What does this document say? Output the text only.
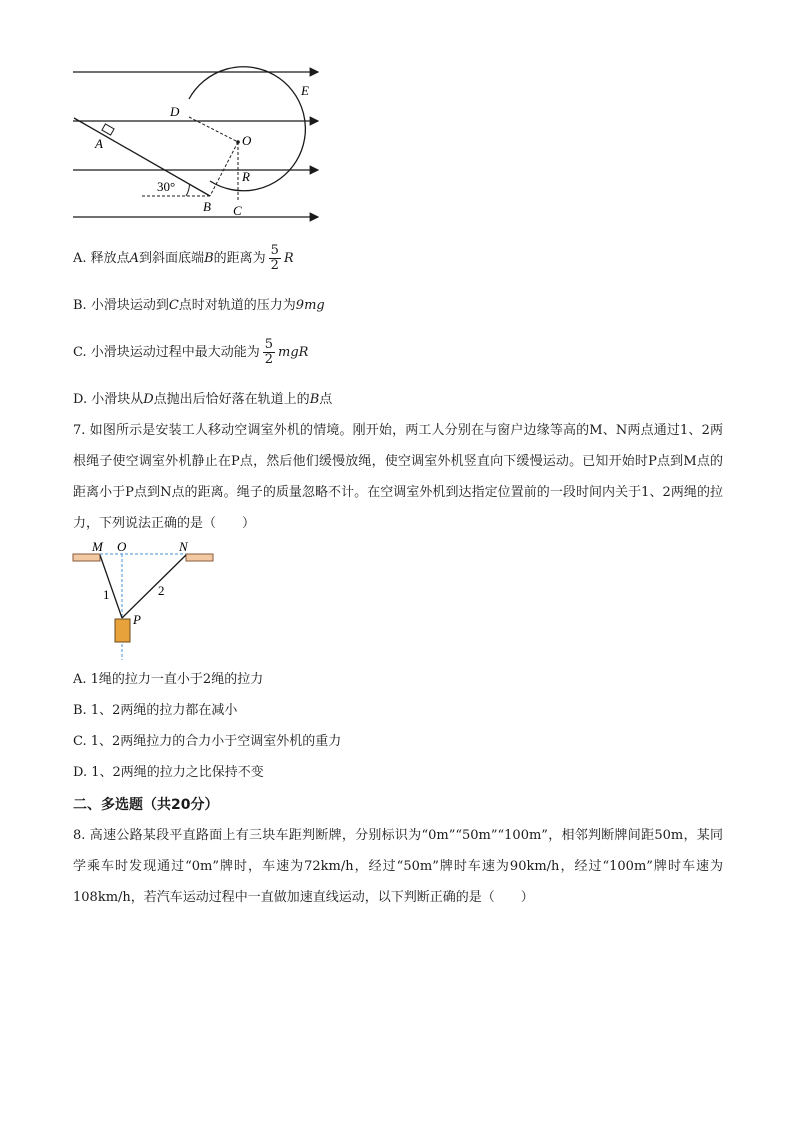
E
D
O
A
R
30°
B C
A. 释放点A到斜面底端B的距离为 $\frac{5}{2}$ R
B. 小滑块运动到C点时对轨道的压力为9mg
C. 小滑块运动过程中最大动能为 $\frac{5}{2}$ mgR
D. 小滑块从D点抛出后恰好落在轨道上的B点
7. 如图所示是安装工人移动空调室外机的情境。刚开始，两工人分别在与窗户边缘等高的M、N两点通过1、2两根绳子使空调室外机静止在P点，然后他们缓慢放绳，使空调室外机竖直向下缓慢运动。已知开始时P点到M点的距离小于P点到N点的距离。绳子的质量忽略不计。在空调室外机到达指定位置前的一段时间内关于1、2两绳的拉力，下列说法正确的是（　　）
M O	N
1	2
P
A. 1绳的拉力一直小于2绳的拉力
B. 1、2两绳的拉力都在减小
C. 1、2两绳拉力的合力小于空调室外机的重力
D. 1、2两绳的拉力之比保持不变
二、多选题（共20分）
8. 高速公路某段平直路面上有三块车距判断牌，分别标识为“0m”“50m”“100m”，相邻判断牌间距50m，某同学乘车时发现通过“0m”牌时，车速为72km/h，经过“50m”牌时车速为90km/h，经过“100m”牌时车速为108km/h，若汽车运动过程中一直做加速直线运动，以下判断正确的是（　　）
